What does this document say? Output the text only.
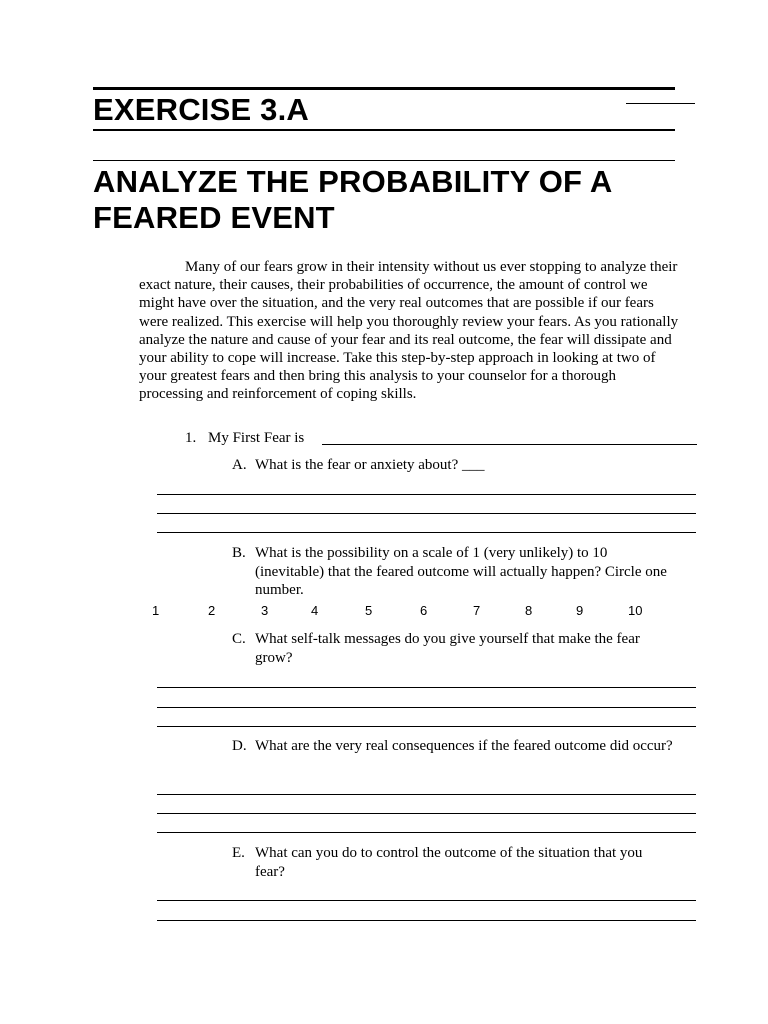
EXERCISE 3.A
ANALYZE THE PROBABILITY OF A
FEARED EVENT

Many of our fears grow in their intensity without us ever stopping to analyze their exact nature, their causes, their probabilities of occurrence, the amount of control we might have over the situation, and the very real outcomes that are possible if our fears were realized. This exercise will help you thoroughly review your fears. As you rationally analyze the nature and cause of your fear and its real outcome, the fear will dissipate and your ability to cope will increase. Take this step-by-step approach in looking at two of your greatest fears and then bring this analysis to your counselor for a thorough processing and reinforcement of coping skills.

1. My First Fear is
A. What is the fear or anxiety about? ___
B. What is the possibility on a scale of 1 (very unlikely) to 10 (inevitable) that the feared outcome will actually happen? Circle one number.
1	2	3	4	5	6	7	8	9	10
C. What self-talk messages do you give yourself that make the fear grow?
D. What are the very real consequences if the feared outcome did occur?
E. What can you do to control the outcome of the situation that you fear?
